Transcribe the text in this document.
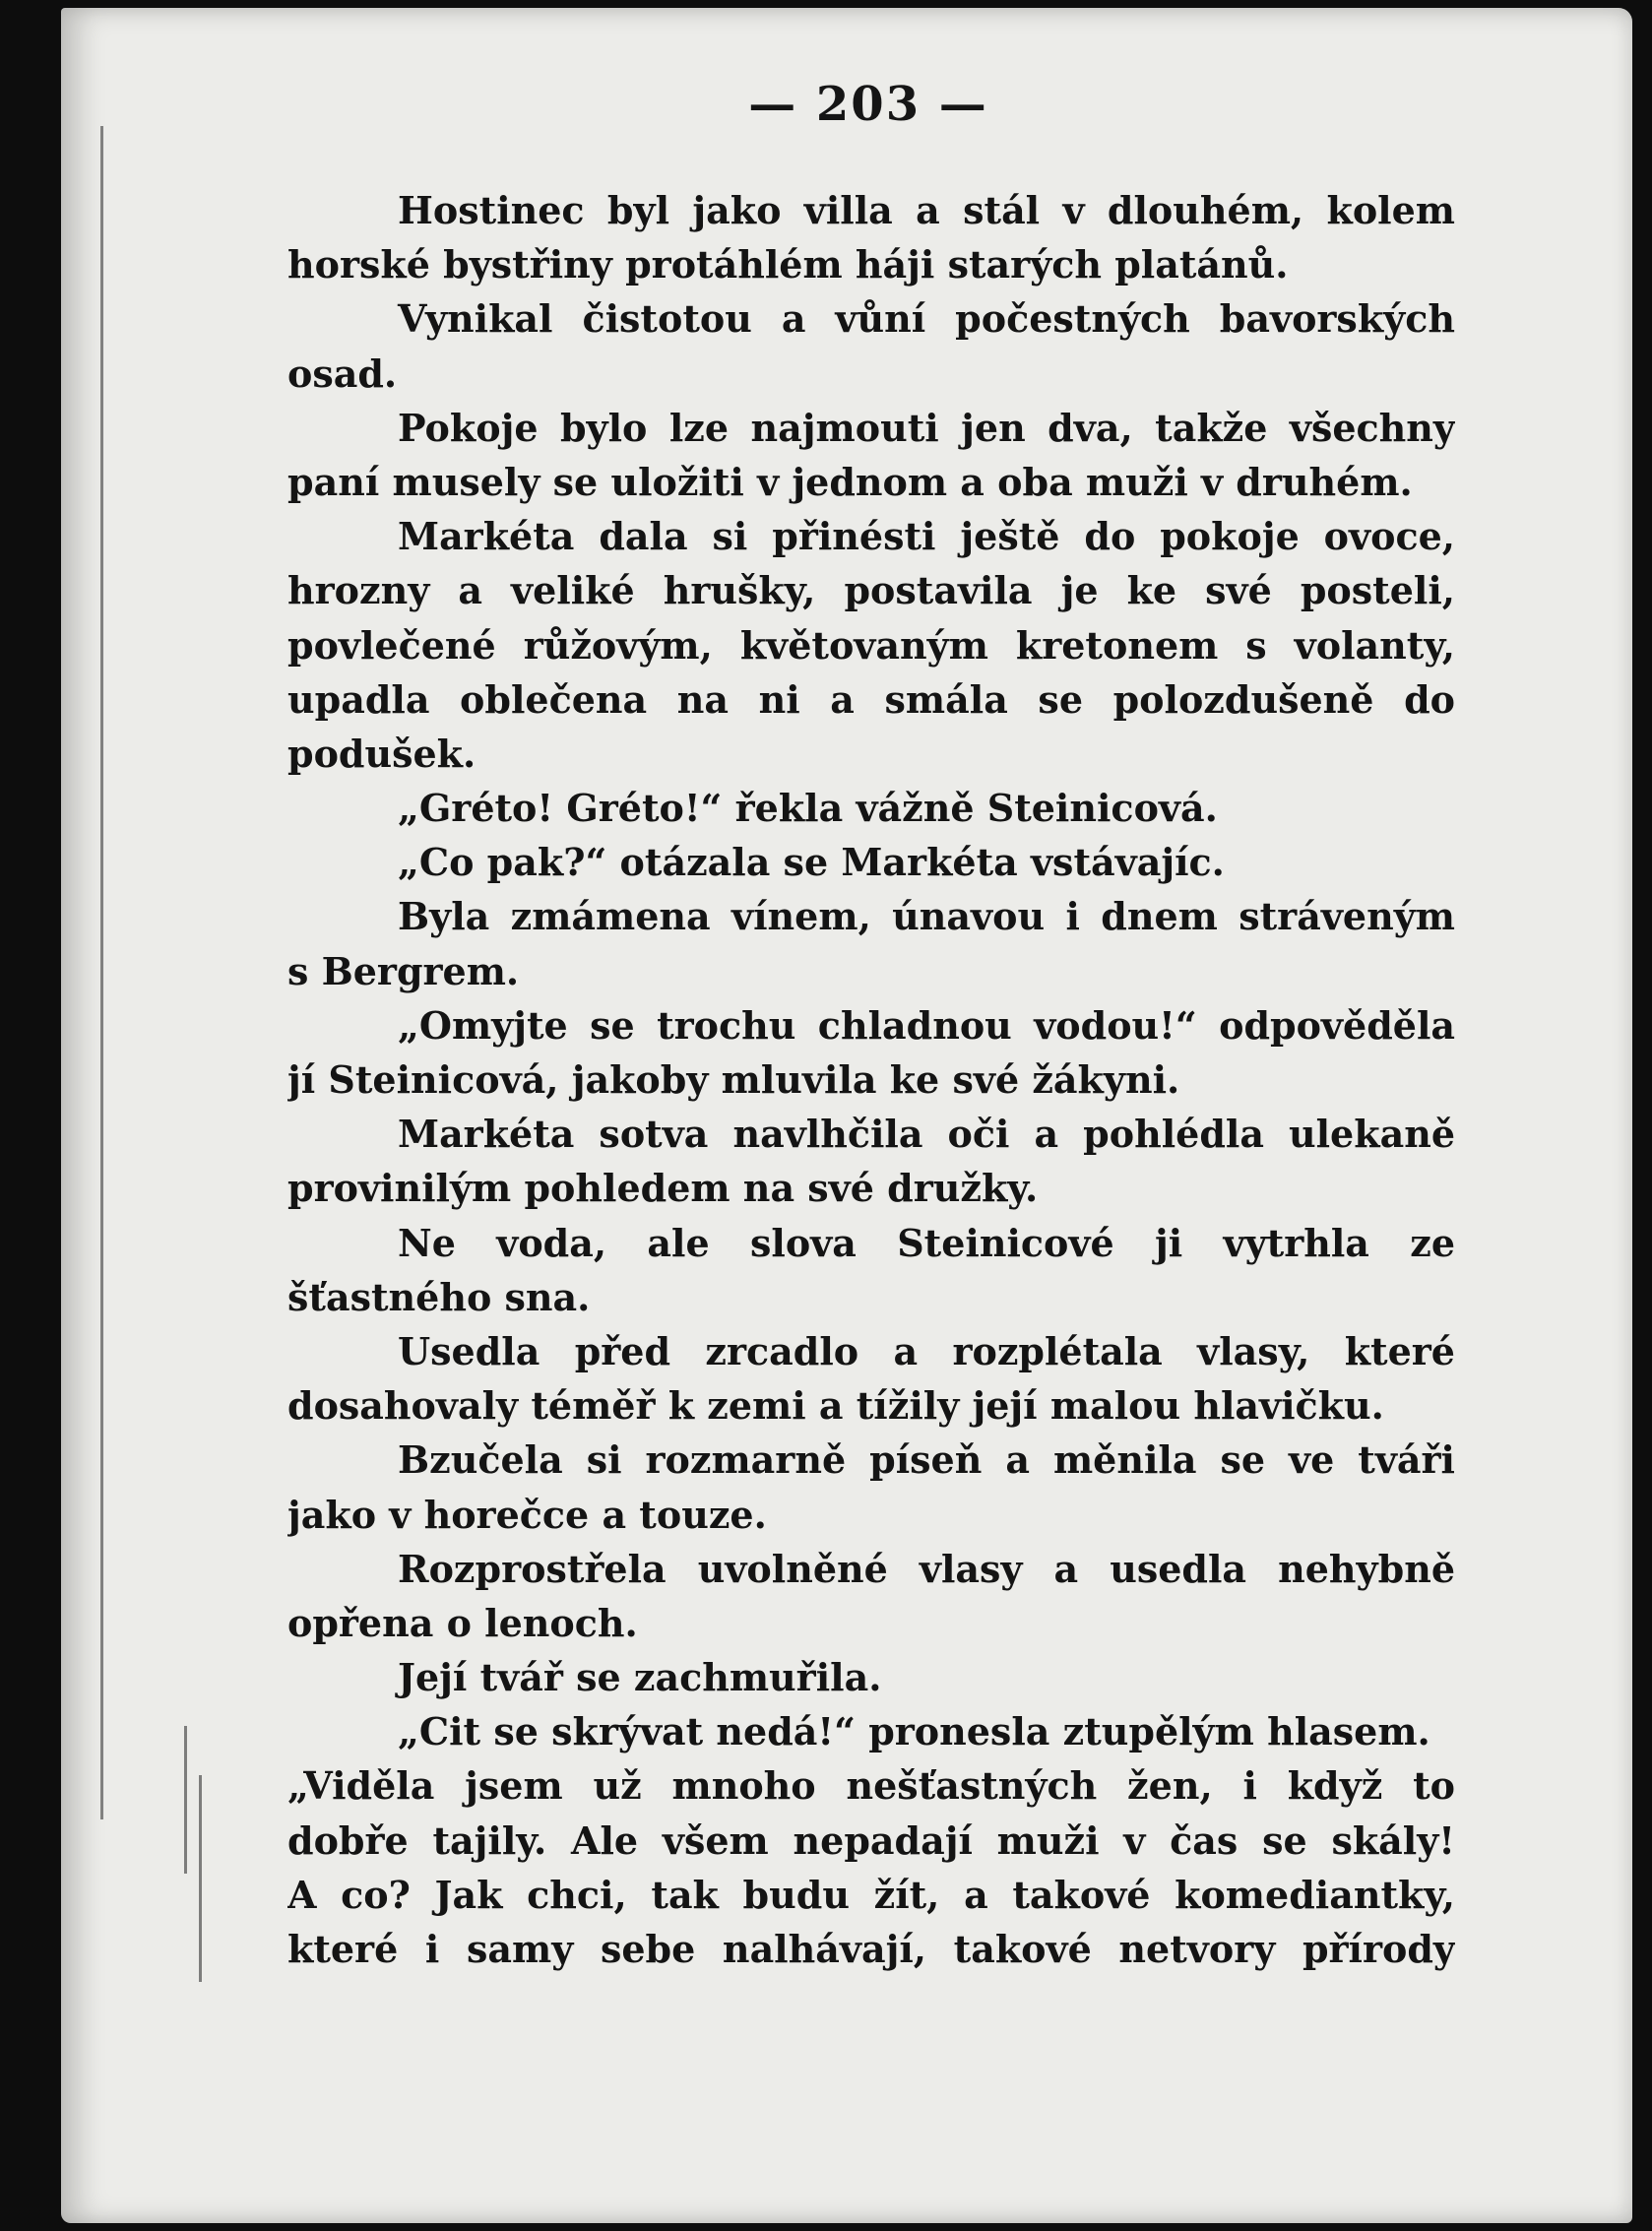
— 203 —
Hostinec byl jako villa a stál v dlouhém, kolem
horské bystřiny protáhlém háji starých platánů.
Vynikal čistotou a vůní počestných bavorských
osad.
Pokoje bylo lze najmouti jen dva, takže všechny
paní musely se uložiti v jednom a oba muži v druhém.
Markéta dala si přinésti ještě do pokoje ovoce,
hrozny a veliké hrušky, postavila je ke své posteli,
povlečené růžovým, květovaným kretonem s volanty,
upadla oblečena na ni a smála se polozdušeně do
podušek.
„Gréto! Gréto!“ řekla vážně Steinicová.
„Co pak?“ otázala se Markéta vstávajíc.
Byla zmámena vínem, únavou i dnem stráveným
s Bergrem.
„Omyjte se trochu chladnou vodou!“ odpověděla
jí Steinicová, jakoby mluvila ke své žákyni.
Markéta sotva navlhčila oči a pohlédla ulekaně
provinilým pohledem na své družky.
Ne voda, ale slova Steinicové ji vytrhla ze
šťastného sna.
Usedla před zrcadlo a rozplétala vlasy, které
dosahovaly téměř k zemi a tížily její malou hlavičku.
Bzučela si rozmarně píseň a měnila se ve tváři
jako v horečce a touze.
Rozprostřela uvolněné vlasy a usedla nehybně
opřena o lenoch.
Její tvář se zachmuřila.
„Cit se skrývat nedá!“ pronesla ztupělým hlasem.
„Viděla jsem už mnoho nešťastných žen, i když to
dobře tajily. Ale všem nepadají muži v čas se skály!
A co? Jak chci, tak budu žít, a takové komediantky,
které i samy sebe nalhávají, takové netvory přírody
